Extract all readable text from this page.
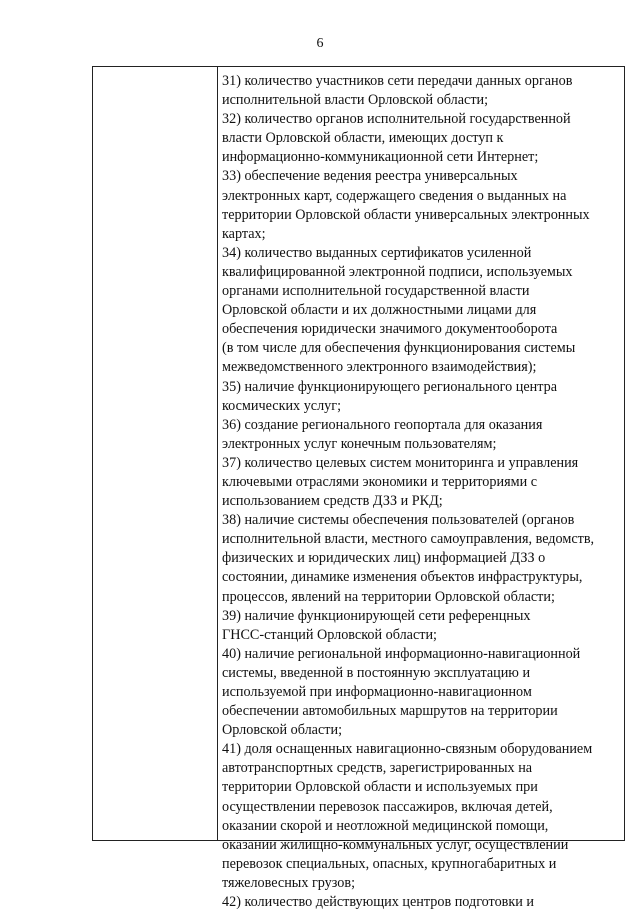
6
31) количество участников сети передачи данных органов
исполнительной власти Орловской области;
32) количество органов исполнительной государственной
власти Орловской области, имеющих доступ к
информационно-коммуникационной сети Интернет;
33) обеспечение ведения реестра универсальных
электронных карт, содержащего сведения о выданных на
территории Орловской области универсальных электронных
картах;
34) количество выданных сертификатов усиленной
квалифицированной электронной подписи, используемых
органами исполнительной государственной власти
Орловской области и их должностными лицами для
обеспечения юридически значимого документооборота
(в том числе для обеспечения функционирования системы
межведомственного электронного взаимодействия);
35) наличие функционирующего регионального центра
космических услуг;
36) создание регионального геопортала для оказания
электронных услуг конечным пользователям;
37) количество целевых систем мониторинга и управления
ключевыми отраслями экономики и территориями с
использованием средств ДЗЗ и РКД;
38) наличие системы обеспечения пользователей (органов
исполнительной власти, местного самоуправления, ведомств,
физических и юридических лиц) информацией ДЗЗ о
состоянии, динамике изменения объектов инфраструктуры,
процессов, явлений на территории Орловской области;
39) наличие функционирующей сети референцных
ГНСС-станций Орловской области;
40) наличие региональной информационно-навигационной
системы, введенной в постоянную эксплуатацию и
используемой при информационно-навигационном
обеспечении автомобильных маршрутов на территории
Орловской области;
41) доля оснащенных навигационно-связным оборудованием
автотранспортных средств, зарегистрированных на
территории Орловской области и используемых при
осуществлении перевозок пассажиров, включая детей,
оказании скорой и неотложной медицинской помощи,
оказании жилищно-коммунальных услуг, осуществлении
перевозок специальных, опасных, крупногабаритных и
тяжеловесных грузов;
42) количество действующих центров подготовки и
